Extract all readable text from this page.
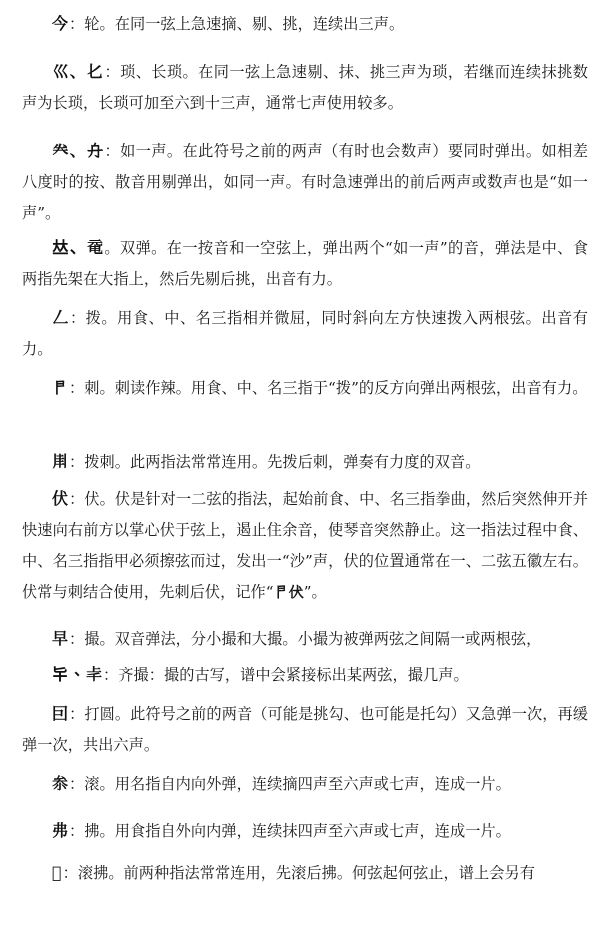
今：轮。在同一弦上急速摘、剔、挑，连续出三声。

巛、𠤎：琐、长琐。在同一弦上急速剔、抹、挑三声为琐，若继而连续抹挑数声为长琐，长琐可加至六到十三声，通常七声使用较多。

𠔉、𠔾：如一声。在此符号之前的两声（有时也会数声）要同时弹出。如相差八度时的按、散音用剔弹出，如同一声。有时急速弹出的前后两声或数声也是“如一声”。

𠀤、𠀻。双弹。在一按音和一空弦上，弹出两个“如一声”的音，弹法是中、食两指先架在大指上，然后先剔后挑，出音有力。

𠃋：拨。用食、中、名三指相并微屈，同时斜向左方快速拨入两根弦。出音有力。

𠁣：刺。刺读作辣。用食、中、名三指于“拨”的反方向弹出两根弦，出音有力。

𠂵：拨刺。此两指法常常连用。先拨后刺，弹奏有力度的双音。

伏：伏。伏是针对一二弦的指法，起始前食、中、名三指拳曲，然后突然伸开并快速向右前方以掌心伏于弦上，遏止住余音，使琴音突然静止。这一指法过程中食、中、名三指指甲必须擦弦而过，发出一“沙”声，伏的位置通常在一、二弦五徽左右。伏常与刺结合使用，先刺后伏，记作“𠁣伏”。

早：撮。双音弹法，分小撮和大撮。小撮为被弹两弦之间隔一或两根弦，

𠤏、𠦋：齐撮：撮的古写，谱中会紧接标出某两弦，撮几声。

囙：打圆。此符号之前的两音（可能是挑勾、也可能是托勾）又急弹一次，再缓弹一次，共出六声。

𠫭：滚。用名指自内向外弹，连续摘四声至六声或七声，连成一片。

弗：拂。用食指自外向内弹，连续抹四声至六声或七声，连成一片。

𣺮：滚拂。前两种指法常常连用，先滚后拂。何弦起何弦止，谱上会另有
